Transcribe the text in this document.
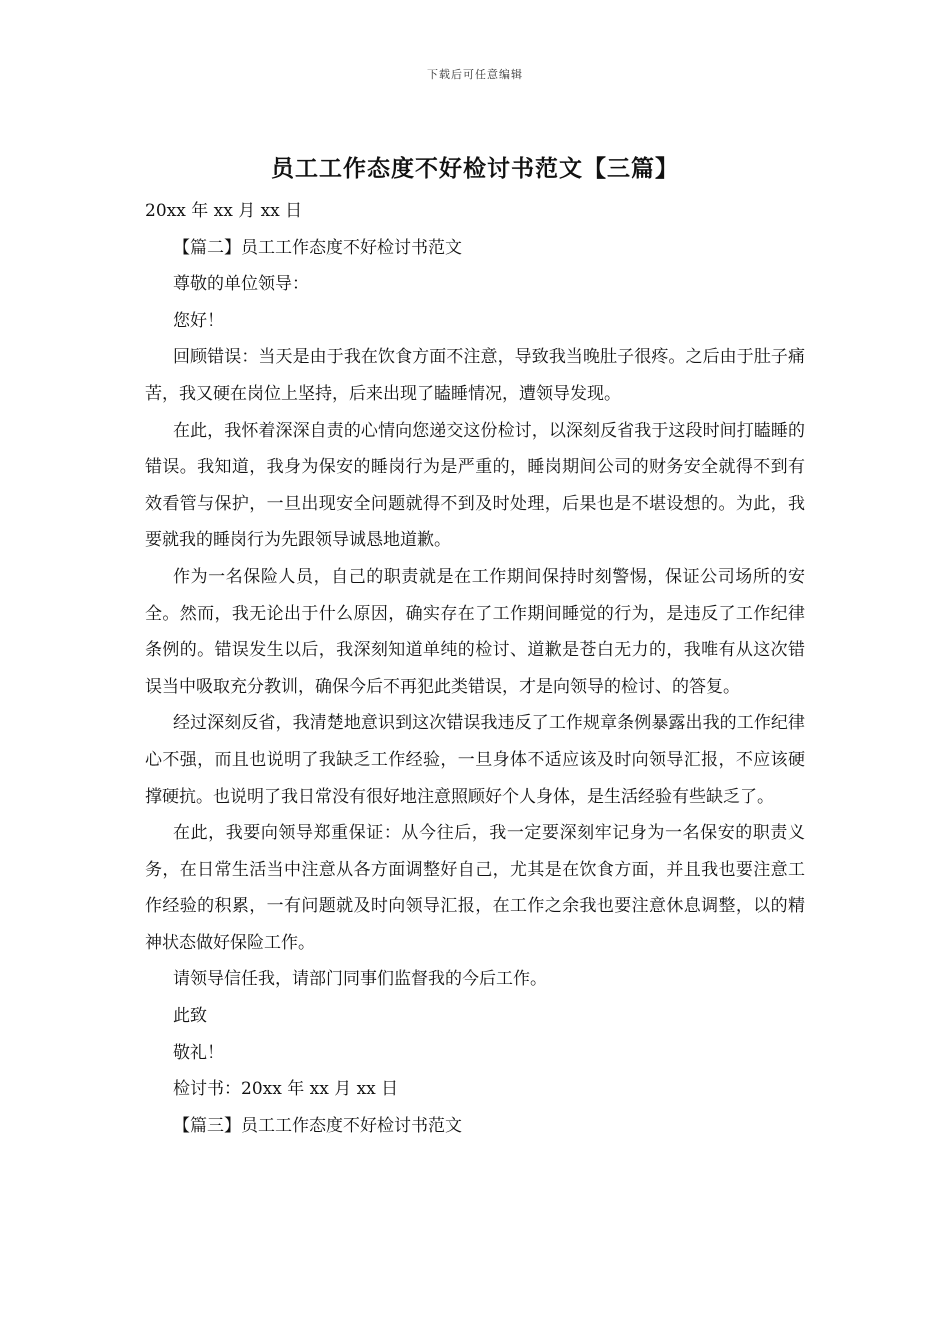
下载后可任意编辑
员工工作态度不好检讨书范文【三篇】

20xx 年 xx 月 xx 日

【篇二】员工工作态度不好检讨书范文

尊敬的单位领导：

您好！

回顾错误：当天是由于我在饮食方面不注意，导致我当晚肚子很疼。之后由于肚子痛苦，我又硬在岗位上坚持，后来出现了瞌睡情况，遭领导发现。

在此，我怀着深深自责的心情向您递交这份检讨，以深刻反省我于这段时间打瞌睡的错误。我知道，我身为保安的睡岗行为是严重的，睡岗期间公司的财务安全就得不到有效看管与保护，一旦出现安全问题就得不到及时处理，后果也是不堪设想的。为此，我要就我的睡岗行为先跟领导诚恳地道歉。

作为一名保险人员，自己的职责就是在工作期间保持时刻警惕，保证公司场所的安全。然而，我无论出于什么原因，确实存在了工作期间睡觉的行为，是违反了工作纪律条例的。错误发生以后，我深刻知道单纯的检讨、道歉是苍白无力的，我唯有从这次错误当中吸取充分教训，确保今后不再犯此类错误，才是向领导的检讨、的答复。

经过深刻反省，我清楚地意识到这次错误我违反了工作规章条例暴露出我的工作纪律心不强，而且也说明了我缺乏工作经验，一旦身体不适应该及时向领导汇报，不应该硬撑硬抗。也说明了我日常没有很好地注意照顾好个人身体，是生活经验有些缺乏了。

在此，我要向领导郑重保证：从今往后，我一定要深刻牢记身为一名保安的职责义务，在日常生活当中注意从各方面调整好自己，尤其是在饮食方面，并且我也要注意工作经验的积累，一有问题就及时向领导汇报，在工作之余我也要注意休息调整，以的精神状态做好保险工作。

请领导信任我，请部门同事们监督我的今后工作。

此致

敬礼！

检讨书：20xx 年 xx 月 xx 日

【篇三】员工工作态度不好检讨书范文
